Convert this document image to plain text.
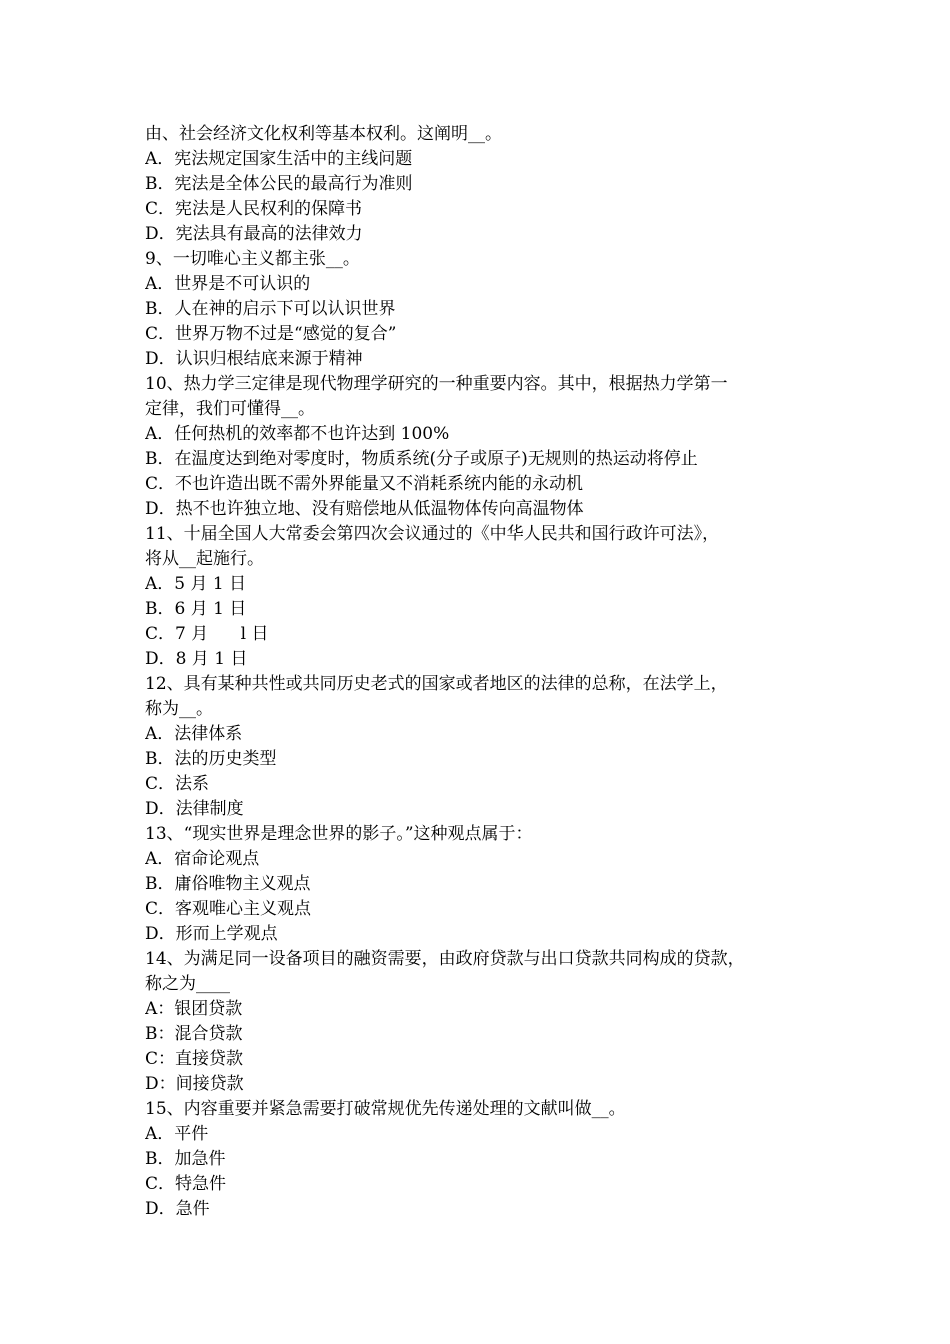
由、社会经济文化权利等基本权利。这阐明__。
A．宪法规定国家生活中的主线问题
B．宪法是全体公民的最高行为准则
C．宪法是人民权利的保障书
D．宪法具有最高的法律效力
9、一切唯心主义都主张__。
A．世界是不可认识的
B．人在神的启示下可以认识世界
C．世界万物不过是“感觉的复合”
D．认识归根结底来源于精神
10、热力学三定律是现代物理学研究的一种重要内容。其中，根据热力学第一
定律，我们可懂得__。
A．任何热机的效率都不也许达到 100%
B．在温度达到绝对零度时，物质系统(分子或原子)无规则的热运动将停止
C．不也许造出既不需外界能量又不消耗系统内能的永动机
D．热不也许独立地、没有赔偿地从低温物体传向高温物体
11、十届全国人大常委会第四次会议通过的《中华人民共和国行政许可法》，
将从__起施行。
A．5 月 1 日
B．6 月 1 日
C．7 月      l 日
D．8 月 1 日
12、具有某种共性或共同历史老式的国家或者地区的法律的总称，在法学上，
称为__。
A．法律体系
B．法的历史类型
C．法系
D．法律制度
13、“现实世界是理念世界的影子。”这种观点属于：
A．宿命论观点
B．庸俗唯物主义观点
C．客观唯心主义观点
D．形而上学观点
14、为满足同一设备项目的融资需要，由政府贷款与出口贷款共同构成的贷款，
称之为____
A：银团贷款
B：混合贷款
C：直接贷款
D：间接贷款
15、内容重要并紧急需要打破常规优先传递处理的文献叫做__。
A．平件
B．加急件
C．特急件
D．急件
